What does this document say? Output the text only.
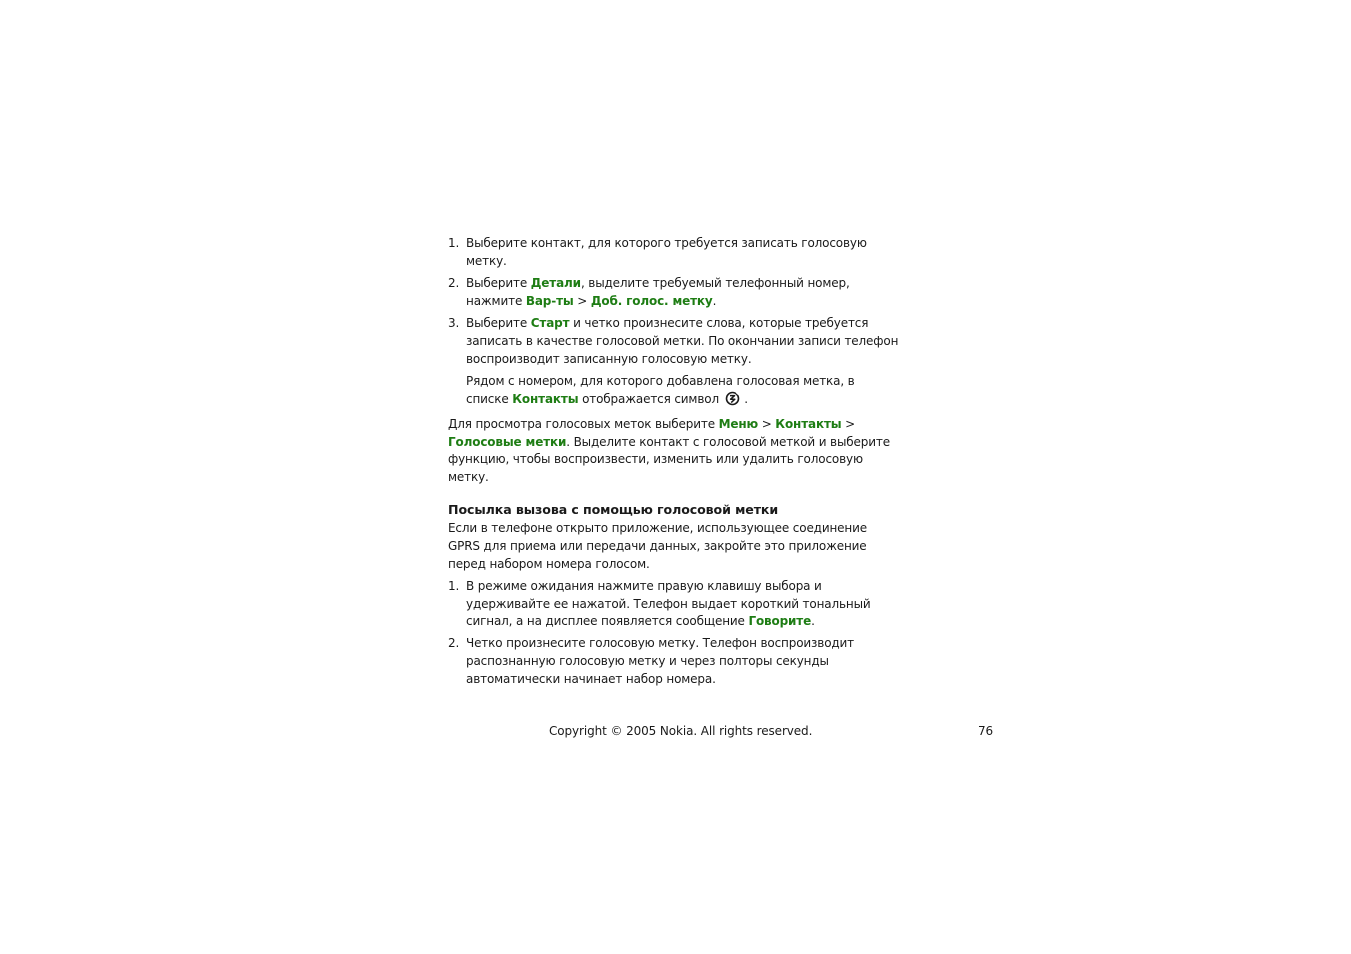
1. Выберите контакт, для которого требуется записать голосовую метку.
2. Выберите Детали, выделите требуемый телефонный номер, нажмите Вар-ты > Доб. голос. метку.
3. Выберите Старт и четко произнесите слова, которые требуется записать в качестве голосовой метки. По окончании записи телефон воспроизводит записанную голосовую метку.
Рядом с номером, для которого добавлена голосовая метка, в списке Контакты отображается символ  .
Для просмотра голосовых меток выберите Меню > Контакты > Голосовые метки. Выделите контакт с голосовой меткой и выберите функцию, чтобы воспроизвести, изменить или удалить голосовую метку.
Посылка вызова с помощью голосовой метки
Если в телефоне открыто приложение, использующее соединение GPRS для приема или передачи данных, закройте это приложение перед набором номера голосом.
1. В режиме ожидания нажмите правую клавишу выбора и удерживайте ее нажатой. Телефон выдает короткий тональный сигнал, а на дисплее появляется сообщение Говорите.
2. Четко произнесите голосовую метку. Телефон воспроизводит распознанную голосовую метку и через полторы секунды автоматически начинает набор номера.
Copyright © 2005 Nokia. All rights reserved.	76
